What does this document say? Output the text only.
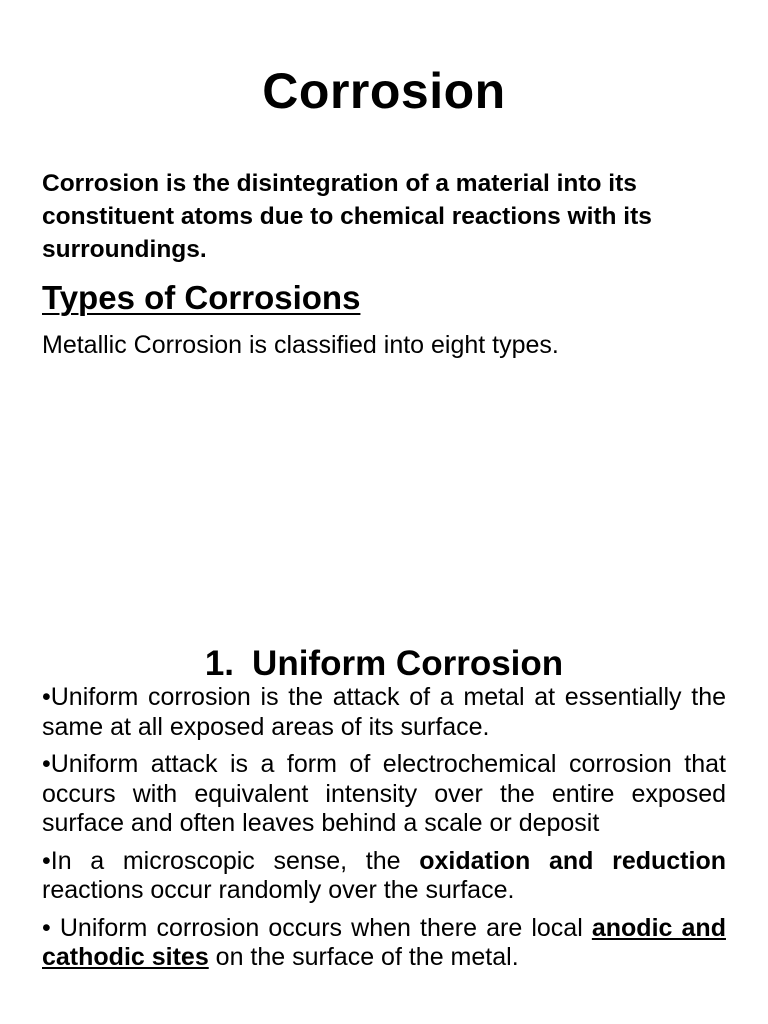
Corrosion

Corrosion is the disintegration of a material into its constituent atoms due to chemical reactions with its surroundings.

Types of Corrosions

Metallic Corrosion is classified into eight types.

1. Uniform Corrosion
•Uniform corrosion is the attack of a metal at essentially the same at all exposed areas of its surface.
•Uniform attack is a form of electrochemical corrosion that occurs with equivalent intensity over the entire exposed surface and often leaves behind a scale or deposit
•In a microscopic sense, the oxidation and reduction reactions occur randomly over the surface.
• Uniform corrosion occurs when there are local anodic and cathodic sites on the surface of the metal.
